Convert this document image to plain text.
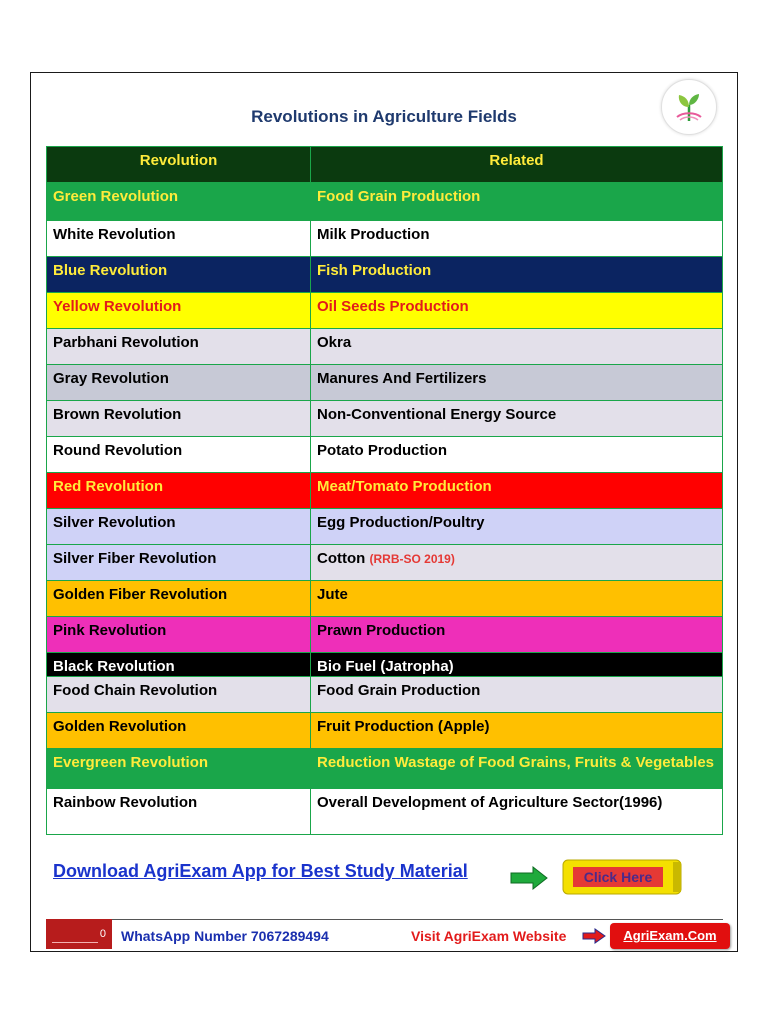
Revolutions in Agriculture Fields
Revolution	Related
Green Revolution	Food Grain Production
White Revolution	Milk Production
Blue Revolution	Fish Production
Yellow Revolution	Oil Seeds Production
Parbhani Revolution	Okra
Gray Revolution	Manures And Fertilizers
Brown Revolution	Non-Conventional Energy Source
Round Revolution	Potato Production
Red Revolution	Meat/Tomato Production
Silver Revolution	Egg Production/Poultry
Silver Fiber Revolution	Cotton (RRB-SO 2019)
Golden Fiber Revolution	Jute
Pink Revolution	Prawn Production
Black Revolution	Bio Fuel (Jatropha)
Food Chain Revolution	Food Grain Production
Golden Revolution	Fruit Production (Apple)
Evergreen Revolution	Reduction Wastage of Food Grains, Fruits & Vegetables
Rainbow Revolution	Overall Development of Agriculture Sector(1996)
Download AgriExam App for Best Study Material	Click Here
0	WhatsApp Number 7067289494	Visit AgriExam Website	AgriExam.Com
